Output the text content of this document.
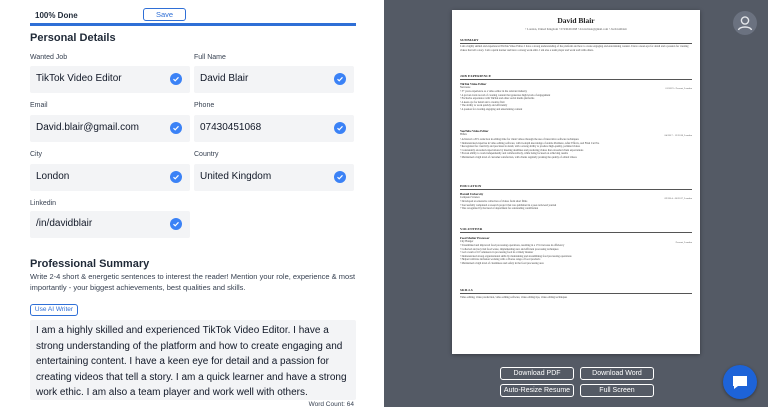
100% Done	Save
Personal Details
Wanted Job
TikTok Video Editor
Full Name
David Blair
Email
David.blair@gmail.com
Phone
07430451068
City
London
Country
United Kingdom
Linkedin
/in/davidblair
Professional Summary
Write 2-4 short & energetic sentences to interest the reader! Mention your role, experience & most importantly - your biggest achievements, best qualities and skills.
Use AI Writer
I am a highly skilled and experienced TikTok Video Editor. I have a strong understanding of the platform and how to create engaging and entertaining content. I have a keen eye for detail and a passion for creating videos that tell a story. I am a quick learner and have a strong work ethic. I am also a team player and work well with others.
Word Count: 64
David Blair
• London, United Kingdom • 07430451068 • david.blair@gmail.com • /in/davidblair
SUMMARY
I am a highly skilled and experienced TikTok Video Editor. I have a strong understanding of the platform and how to create engaging and entertaining content. I have a keen eye for detail and a passion for creating videos that tell a story. I am a quick learner and have a strong work ethic. I am also a team player and work well with others.
JOB EXPERIENCE
TikTok Video Editor
Netcreate	01/2019 - Present, London
• 3+ years experience as a video editor in the relevant industry
• A proven track record of creating content that generates high levels of engagement
• Exclusive experience with TikTok and other social media platforms
• A keen eye for detail and a creative flair
• The ability to work quickly and efficiently
• A passion for creating engaging and entertaining content
YouTube Video Editor
Hiflex	04/2017 - 12/2018, London
• Achieved a 20% reduction in editing time for client videos through the use of innovative software techniques
• Demonstrated expertise in video editing software, with in-depth knowledge of Adobe Premiere, After Effects, and Final Cut Pro
• Recognized for creativity and precision in detail, with a strong ability to produce high-quality, polished videos
• Consistently exceeded expectations by meeting deadlines and producing videos that exceeded client expectations
• Proven ability to work independently and collaboratively, while being focused on achieving results
• Maintained a high level of customer satisfaction, with clients regularly praising the quality of edited videos
EDUCATION
Harold University
Computer Science	09/2014 - 06/2017, London
• Developed an extensive collection of videos from short films
• Successfully completed a research project that was published in a peer-reviewed journal
• Was recognized by the head of department for outstanding contribution
VOLUNTEER
Food Shelter Processor
City Hunger	Present, London
• Streamlined and improved food processing operations, resulting in a 15% increase in efficiency
• Collected and recycled food waste, implementing new and efficient processing techniques
• Led a team of 10 volunteers in processing food in a timely manner
• Demonstrated strong organizational skills by maintaining and streamlining food processing operations
• Helped cultivate inclusion working with a diverse range of food products
• Maintained a high level of cleanliness and safety in the food processing area
SKILLS
Video editing, video production, video editing software, video editing tips, video editing techniques
Download PDF	Download Word
Auto-Resize Resume	Full Screen
